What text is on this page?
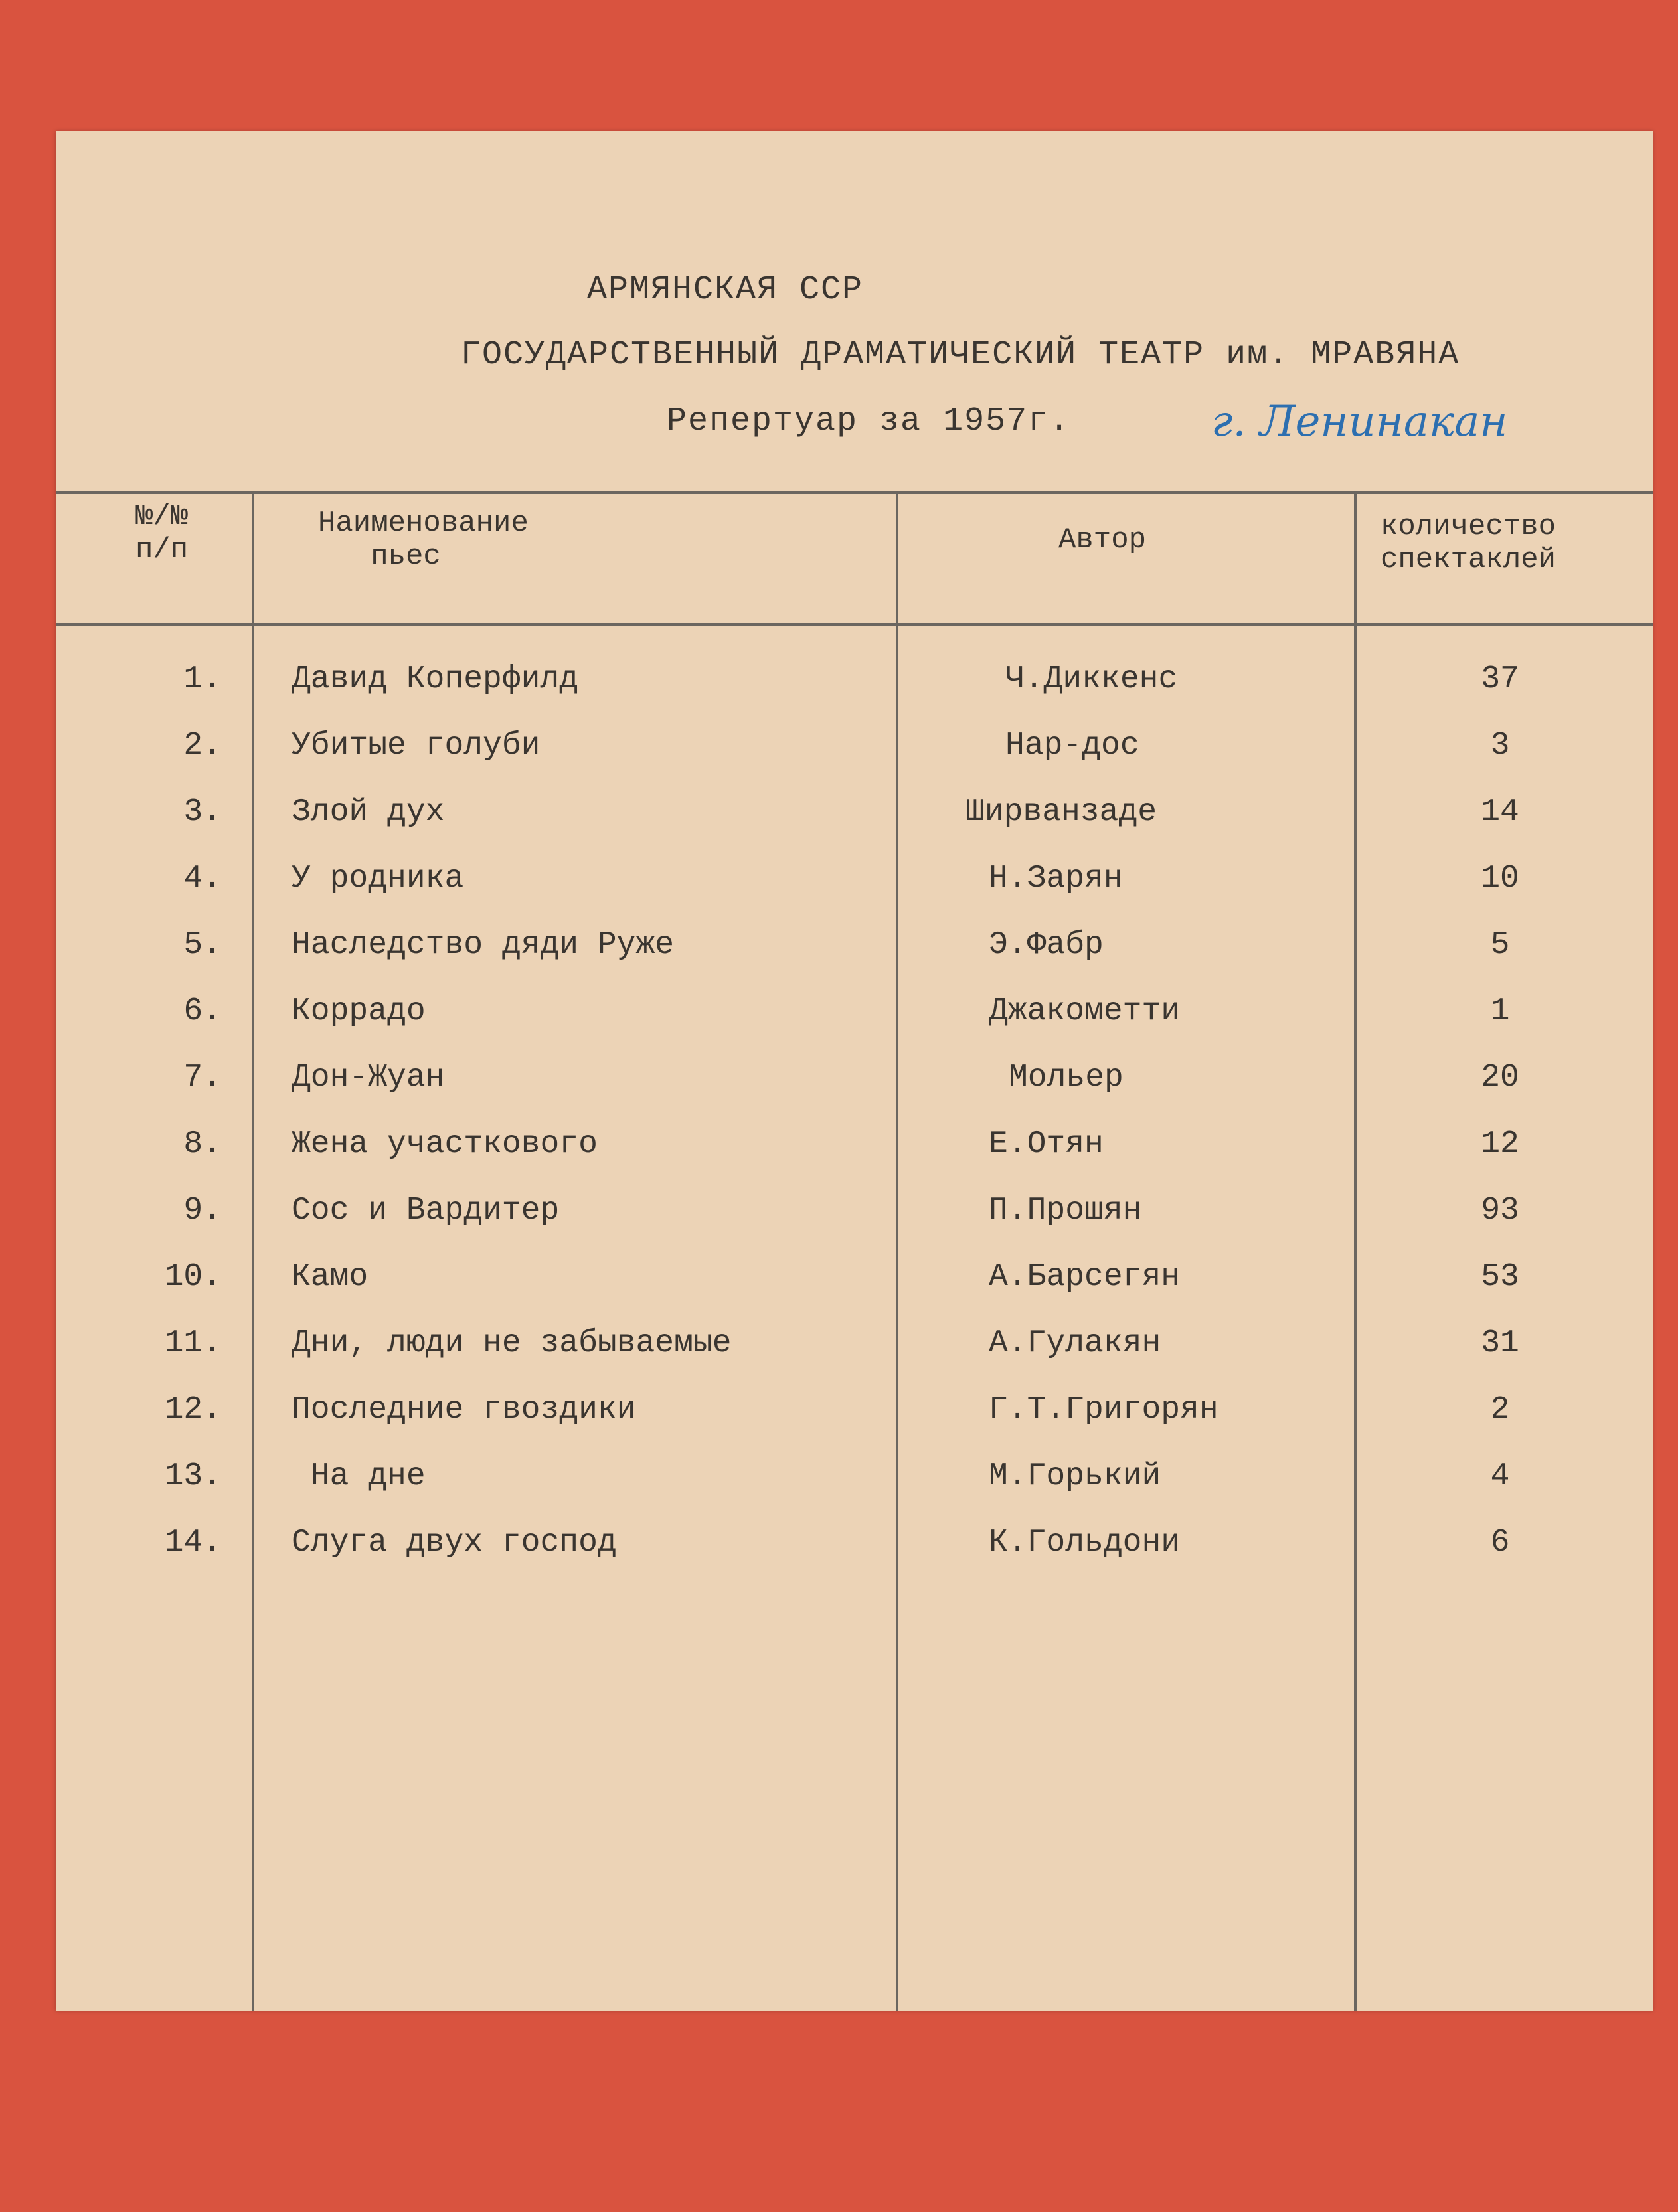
АРМЯНСКАЯ ССР
ГОСУДАРСТВЕННЫЙ ДРАМАТИЧЕСКИЙ ТЕАТР им. МРАВЯНА
Репертуар за 1957г.	г. Ленинакан
№/№
п/п
Наименование
пьес	Автор	количество
спектаклей
1. Давид Коперфилд	Ч.Диккенс	37
2. Убитые голуби	Нар-дос	3
3. Злой дух	Ширванзаде	14
4. У родника	Н.Зарян	10
5. Наследство дяди Руже	Э.Фабр	5
6. Коррадо	Джакометти	1
7. Дон-Жуан	Мольер	20
8. Жена участкового	Е.Отян	12
9. Сос и Вардитер	П.Прошян	93
10. Камо	А.Барсегян	53
11. Дни, люди не забываемые	А.Гулакян	31
12. Последние гвоздики	Г.Т.Григорян	2
13. На дне	М.Горький	4
14. Слуга двух господ	К.Гольдони	6
